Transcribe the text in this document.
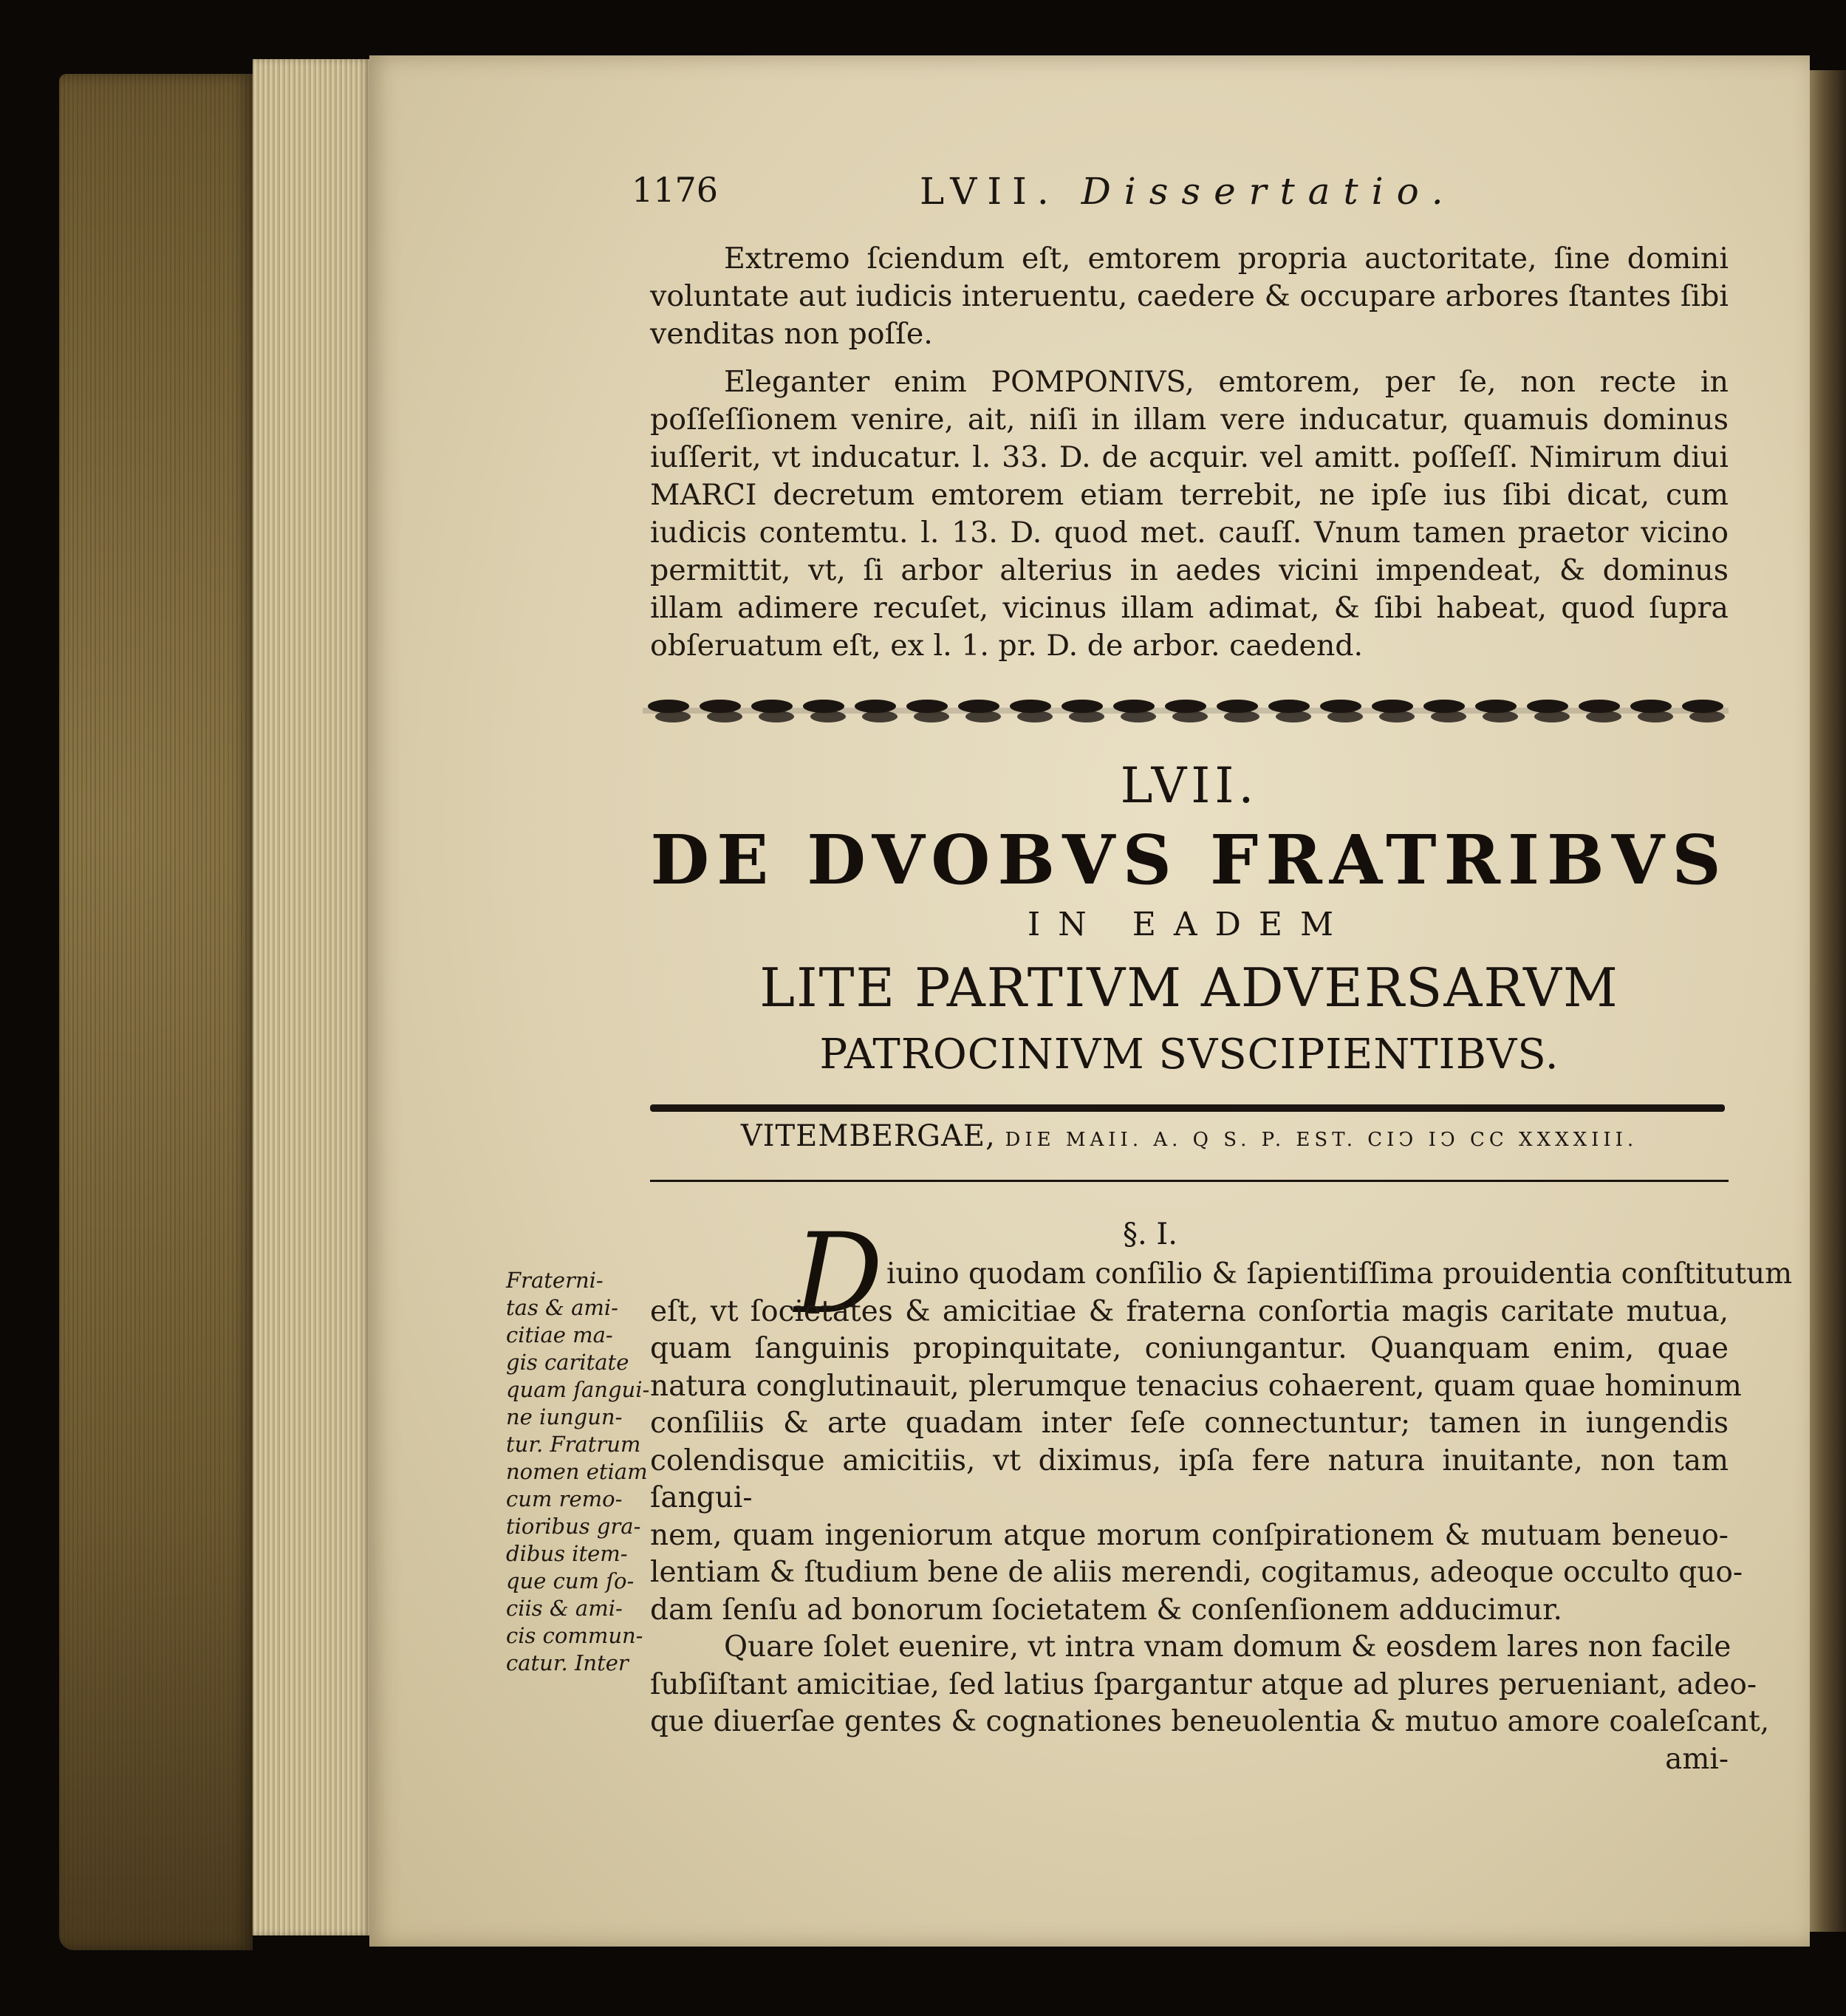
1176	LVII. Dissertatio.

Extremo ſciendum eſt, emtorem propria auctoritate, ſine domini voluntate aut iudicis interuentu, caedere & occupare arbores ſtantes ſibi venditas non poſſe.

Eleganter enim POMPONIVS, emtorem, per ſe, non recte in poſſeſſionem venire, ait, niſi in illam vere inducatur, quamuis dominus iuſſerit, vt inducatur. l. 33. D. de acquir. vel amitt. poſſeſſ. Nimirum diui MARCI decretum emtorem etiam terrebit, ne ipſe ius ſibi dicat, cum iudicis contemtu. l. 13. D. quod met. cauſſ. Vnum tamen praetor vicino permittit, vt, ſi arbor alterius in aedes vicini impendeat, & dominus illam adimere recuſet, vicinus illam adimat, & ſibi habeat, quod ſupra obſeruatum eſt, ex l. 1. pr. D. de arbor. caedend.

LVII.
DE DVOBVS FRATRIBVS
IN EADEM
LITE PARTIVM ADVERSARVM
PATROCINIVM SVSCIPIENTIBVS.
VITEMBERGAE, DIE MAII. A. Q S. P. EST. CIↃ IↃ CC XXXXIII.
§. I.
D iuino quodam conſilio & ſapientiſſima prouidentia conſtitutum
eſt, vt ſocietates & amicitiae & fraterna conſortia magis caritate mutua,
quam ſanguinis propinquitate, coniungantur. Quanquam enim, quae
natura conglutinauit, plerumque tenacius cohaerent, quam quae hominum
conſiliis & arte quadam inter ſeſe connectuntur; tamen in iungendis colendisque amicitiis, vt diximus, ipſa fere natura inuitante, non tam ſangui-
nem, quam ingeniorum atque morum conſpirationem & mutuam beneuo-
lentiam & ſtudium bene de aliis merendi, cogitamus, adeoque occulto quo-
dam ſenſu ad bonorum ſocietatem & conſenſionem adducimur.
Quare ſolet euenire, vt intra vnam domum & eosdem lares non facile
ſubſiſtant amicitiae, ſed latius ſpargantur atque ad plures perueniant, adeo-
que diuerſae gentes & cognationes beneuolentia & mutuo amore coaleſcant,
ami-
Fraterni-
tas & ami-
citiae ma-
gis caritate
quam ſangui-
ne iungun-
tur. Fratrum
nomen etiam
cum remo-
tioribus gra-
dibus item-
que cum ſo-
ciis & ami-
cis commun-
catur. Inter
